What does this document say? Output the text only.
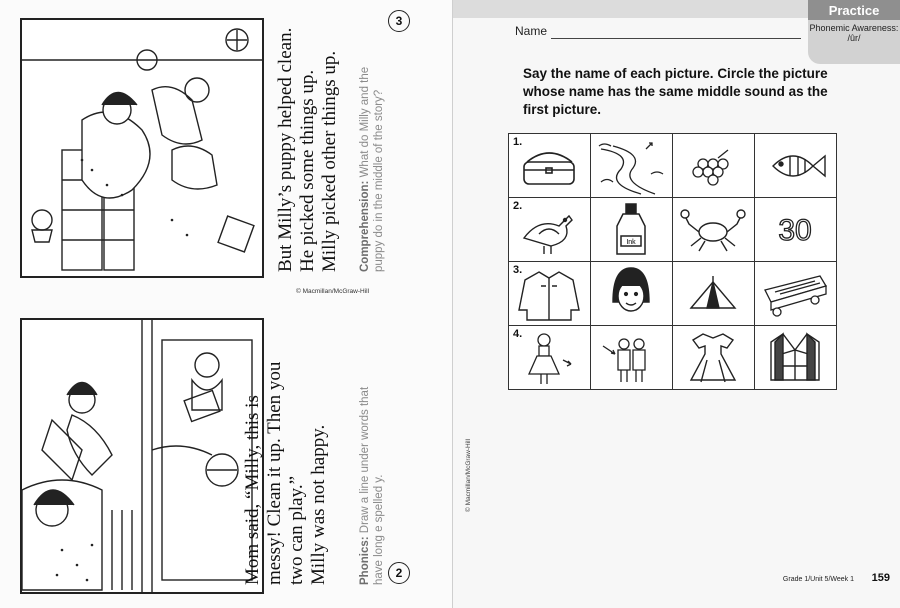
But Milly’s puppy helped clean. He picked some things up. Milly picked other things up. Comprehension: What do Milly and the puppy do in the middle of the story?
3
© Macmillan/McGraw-Hill
Mom said, “Milly, this is messy! Clean it up. Then you two can play.” Milly was not happy.	Phonics: Draw a line under words that have long e spelled y. 2
Practice
Phonemic Awareness:
/ûr/
Name

Say the name of each picture. Circle the picture whose name has the same middle sound as the first picture.

1.

2.	Ink		30

3.

4.

© Macmillan/McGraw-Hill
Grade 1/Unit 5/Week 1 159
